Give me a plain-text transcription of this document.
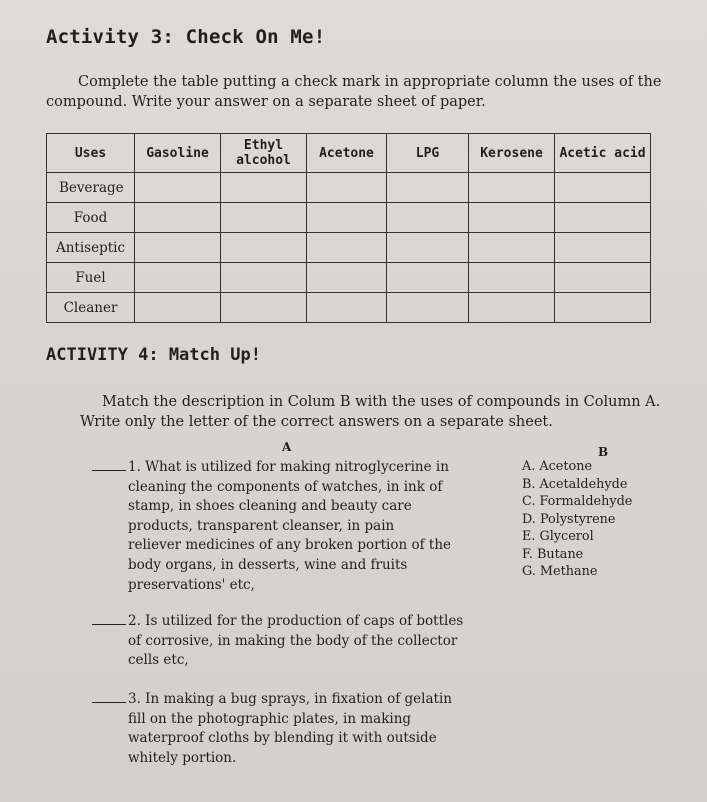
Activity 3: Check On Me!
Complete the table putting a check mark in appropriate column the uses of the
compound. Write your answer on a separate sheet of paper.
Uses	Gasoline	Ethyl alcohol	Acetone	LPG	Kerosene	Acetic acid
Beverage						
Food						
Antiseptic						
Fuel						
Cleaner						
ACTIVITY 4: Match Up!
Match the description in Colum B with the uses of compounds in Column A.
Write only the letter of the correct answers on a separate sheet.
A	B
1. What is utilized for making nitroglycerine in
cleaning the components of watches, in ink of
stamp, in shoes cleaning and beauty care
products, transparent cleanser, in pain
reliever medicines of any broken portion of the
body organs, in desserts, wine and fruits
preservations' etc,
2. Is utilized for the production of caps of bottles
of corrosive, in making the body of the collector
cells etc,
3. In making a bug sprays, in fixation of gelatin
fill on the photographic plates, in making
waterproof cloths by blending it with outside
whitely portion.
A. Acetone
B. Acetaldehyde
C. Formaldehyde
D. Polystyrene
E. Glycerol
F. Butane
G. Methane
